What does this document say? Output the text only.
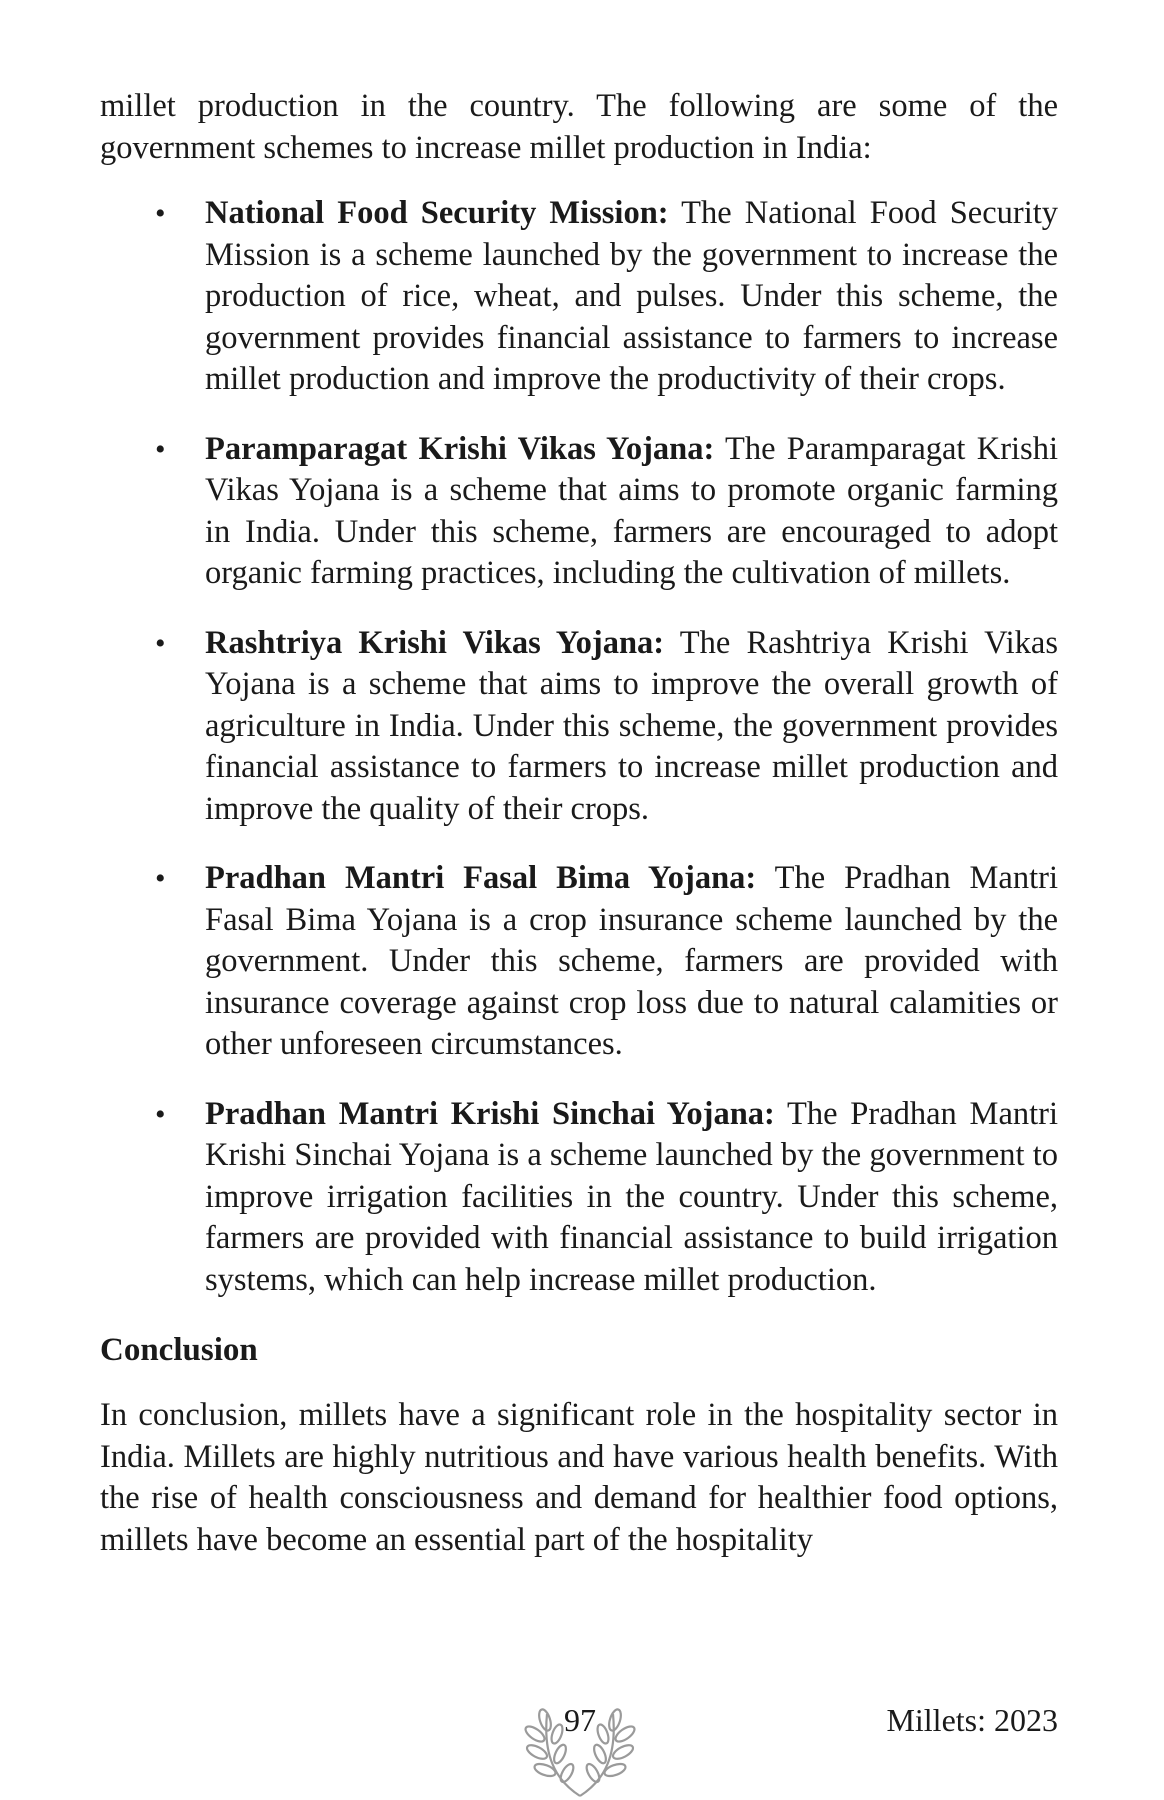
millet production in the country. The following are some of the government schemes to increase millet production in India:

• National Food Security Mission: The National Food Security Mission is a scheme launched by the government to increase the production of rice, wheat, and pulses. Under this scheme, the government provides financial assistance to farmers to increase millet production and improve the productivity of their crops.
• Paramparagat Krishi Vikas Yojana: The Paramparagat Krishi Vikas Yojana is a scheme that aims to promote organic farming in India. Under this scheme, farmers are encouraged to adopt organic farming practices, including the cultivation of millets.
• Rashtriya Krishi Vikas Yojana: The Rashtriya Krishi Vikas Yojana is a scheme that aims to improve the overall growth of agriculture in India. Under this scheme, the government provides financial assistance to farmers to increase millet production and improve the quality of their crops.
• Pradhan Mantri Fasal Bima Yojana: The Pradhan Mantri Fasal Bima Yojana is a crop insurance scheme launched by the government. Under this scheme, farmers are provided with insurance coverage against crop loss due to natural calamities or other unforeseen circumstances.
• Pradhan Mantri Krishi Sinchai Yojana: The Pradhan Mantri Krishi Sinchai Yojana is a scheme launched by the government to improve irrigation facilities in the country. Under this scheme, farmers are provided with financial assistance to build irrigation systems, which can help increase millet production.
Conclusion

In conclusion, millets have a significant role in the hospitality sector in India. Millets are highly nutritious and have various health benefits. With the rise of health consciousness and demand for healthier food options, millets have become an essential part of the hospitality

97	Millets: 2023
